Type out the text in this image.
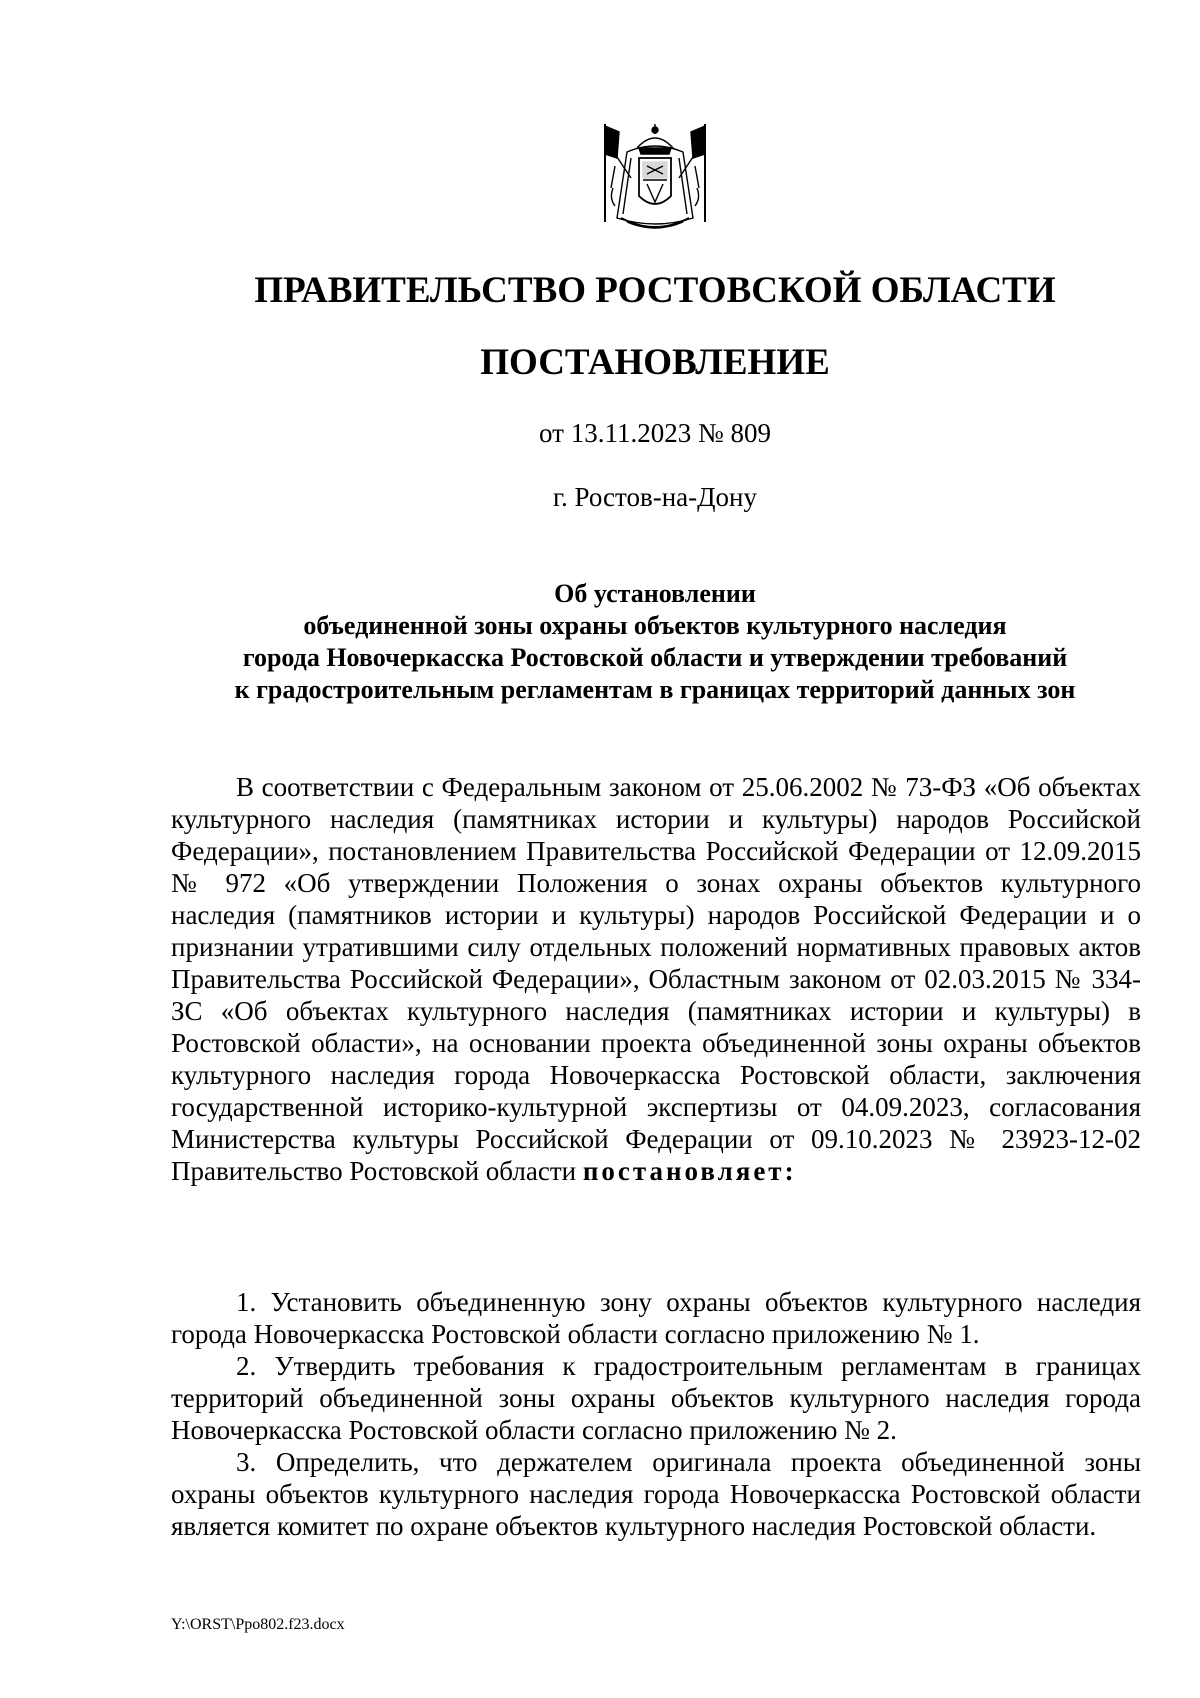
ПРАВИТЕЛЬСТВО РОСТОВСКОЙ ОБЛАСТИ
ПОСТАНОВЛЕНИЕ
от 13.11.2023 № 809
г. Ростов-на-Дону
Об установлении
объединенной зоны охраны объектов культурного наследия
города Новочеркасска Ростовской области и утверждении требований
к градостроительным регламентам в границах территорий данных зон

В соответствии с Федеральным законом от 25.06.2002 № 73-ФЗ «Об объектах культурного наследия (памятниках истории и культуры) народов Российской Федерации», постановлением Правительства Российской Федерации от 12.09.2015 № 972 «Об утверждении Положения о зонах охраны объектов культурного наследия (памятников истории и культуры) народов Российской Федерации и о признании утратившими силу отдельных положений нормативных правовых актов Правительства Российской Федерации», Областным законом от 02.03.2015 № 334-ЗС «Об объектах культурного наследия (памятниках истории и культуры) в Ростовской области», на основании проекта объединенной зоны охраны объектов культурного наследия города Новочеркасска Ростовской области, заключения государственной историко-культурной экспертизы от 04.09.2023, согласования Министерства культуры Российской Федерации от 09.10.2023 № 23923-12-02 Правительство Ростовской области постановляет:

1. Установить объединенную зону охраны объектов культурного наследия города Новочеркасска Ростовской области согласно приложению № 1.

2. Утвердить требования к градостроительным регламентам в границах территорий объединенной зоны охраны объектов культурного наследия города Новочеркасска Ростовской области согласно приложению № 2.

3. Определить, что держателем оригинала проекта объединенной зоны охраны объектов культурного наследия города Новочеркасска Ростовской области является комитет по охране объектов культурного наследия Ростовской области.

Y:\ORST\Ppo802.f23.docx
